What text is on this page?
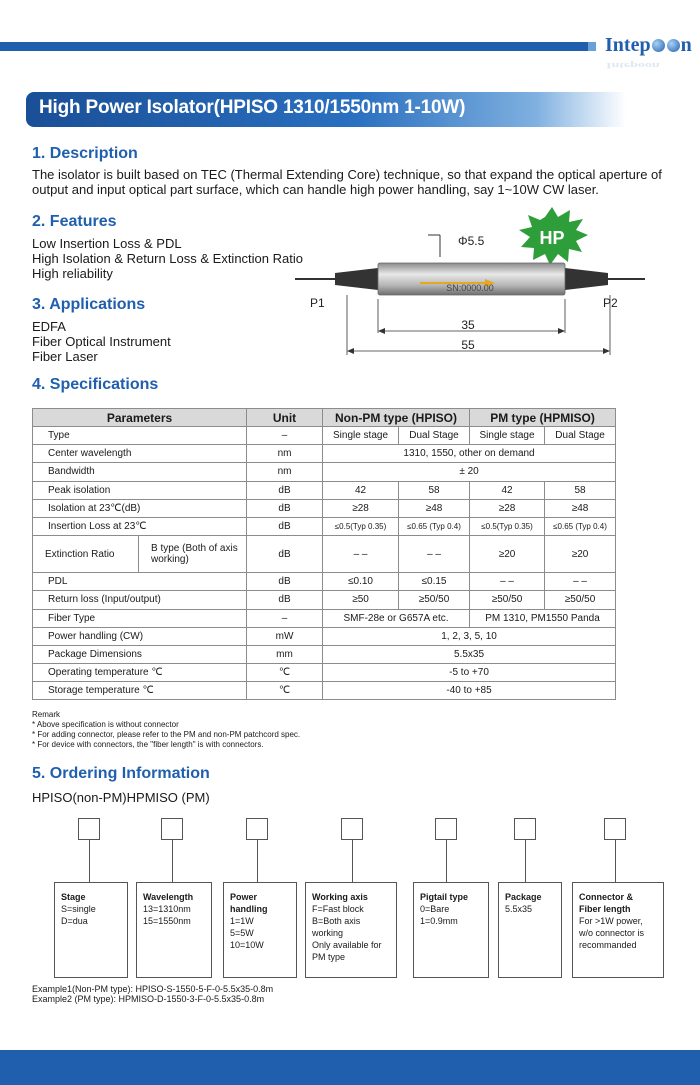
Intep n
Intepoon
High Power Isolator(HPISO 1310/1550nm 1-10W)
1. Description
The isolator is built based on TEC (Thermal Extending Core) technique, so that expand the optical aperture of output and input optical part surface, which can handle high power handling, say 1~10W CW laser.
2. Features
Low Insertion Loss & PDL
High Isolation & Return Loss & Extinction Ratio
High reliability
3. Applications
EDFA
Fiber Optical Instrument
Fiber Laser
Φ5.5	HP
SN:0000.00
P1	P2
35
55
4. Specifications
Parameters		Unit	Non-PM type (HPISO)		PM type (HPMISO)	
Type		–	Single stage	Dual Stage	Single stage	Dual Stage
Center wavelength		nm	1310, 1550, other on demand			
Bandwidth		nm	± 20			
Peak isolation		dB	42	58	42	58
Isolation at 23℃(dB)		dB	≥28	≥48	≥28	≥48
Insertion Loss at 23℃		dB	≤0.5(Typ 0.35)	≤0.65 (Typ 0.4)	≤0.5(Typ 0.35)	≤0.65 (Typ 0.4)
Extinction Ratio	B type (Both of axis working)	dB	– –	– –	≥20	≥20
PDL		dB	≤0.10	≤0.15	– –	– –
Return loss (Input/output)		dB	≥50	≥50/50	≥50/50	≥50/50
Fiber Type		–	SMF-28e or G657A etc.		PM 1310, PM1550 Panda	
Power handling (CW)		mW	1, 2, 3, 5, 10			
Package Dimensions		mm	5.5x35			
Operating temperature ℃		℃	-5 to +70			
Storage temperature ℃		℃	-40 to +85			
Remark
* Above specification is without connector
* For adding connector, please refer to the PM and non-PM patchcord spec.
* For device with connectors, the "fiber length" is with connectors.
5. Ordering Information
HPISO(non-PM)HPMISO (PM)
Stage
S=single
D=dua
Wavelength
13=1310nm
15=1550nm
Power handling
1=1W
5=5W
10=10W
Working axis
F=Fast block
B=Both axis working
Only available for PM type
Pigtail type
0=Bare
1=0.9mm
Package
5.5x35
Connector & Fiber length
For >1W power, w/o connector is recommanded
Example1(Non-PM type): HPISO-S-1550-5-F-0-5.5x35-0.8m
Example2 (PM type): HPMISO-D-1550-3-F-0-5.5x35-0.8m
